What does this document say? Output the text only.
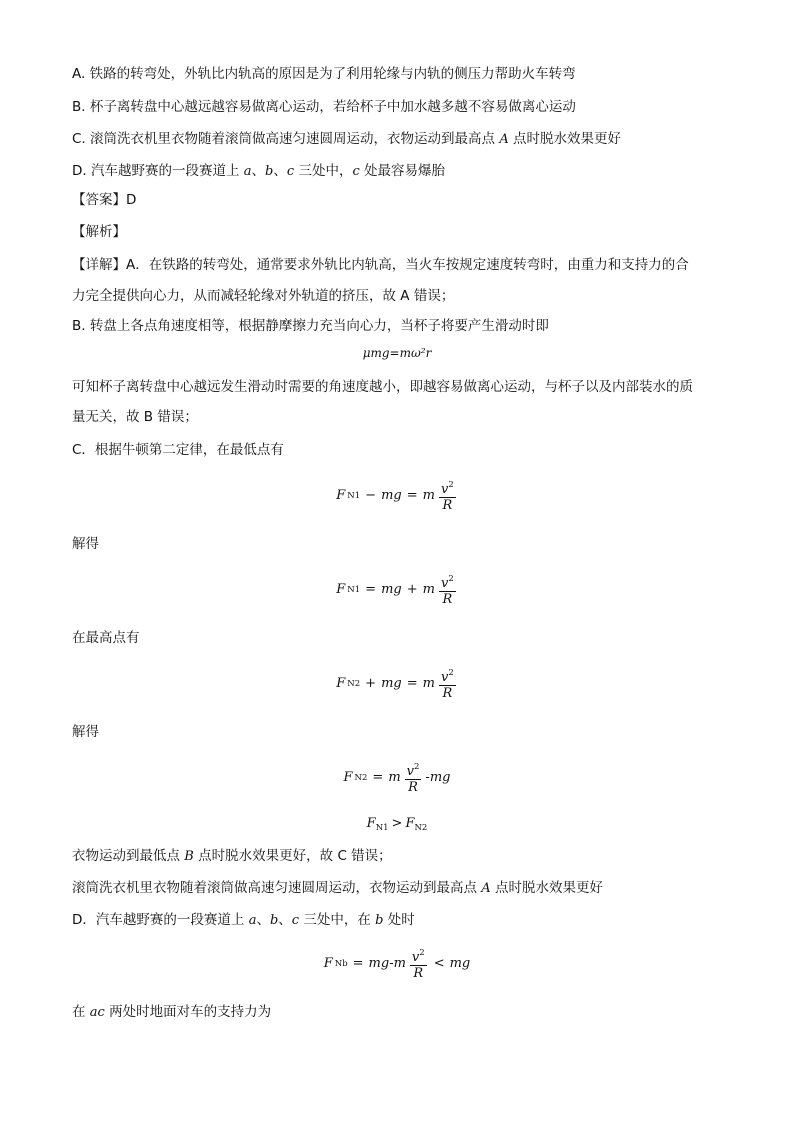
A. 铁路的转弯处，外轨比内轨高的原因是为了利用轮缘与内轨的侧压力帮助火车转弯
B. 杯子离转盘中心越远越容易做离心运动，若给杯子中加水越多越不容易做离心运动
C. 滚筒洗衣机里衣物随着滚筒做高速匀速圆周运动，衣物运动到最高点 A 点时脱水效果更好
D. 汽车越野赛的一段赛道上 a、b、c 三处中，c 处最容易爆胎
【答案】D
【解析】
【详解】A．在铁路的转弯处，通常要求外轨比内轨高，当火车按规定速度转弯时，由重力和支持力的合
力完全提供向心力，从而减轻轮缘对外轨道的挤压，故 A 错误；
B. 转盘上各点角速度相等，根据静摩擦力充当向心力，当杯子将要产生滑动时即
μmg=mω²r
可知杯子离转盘中心越远发生滑动时需要的角速度越小，即越容易做离心运动，与杯子以及内部装水的质
量无关，故 B 错误；
C．根据牛顿第二定律，在最低点有
F N1 − mg = m $\frac{v^2}{R}$
解得
F N1 = mg + m $\frac{v^2}{R}$
在最高点有
F N2 + mg = m $\frac{v^2}{R}$
解得
F N2 = m $\frac{v^2}{R} -mg$
$F_{N1} > F_{N2}$
衣物运动到最低点 B 点时脱水效果更好，故 C 错误；
滚筒洗衣机里衣物随着滚筒做高速匀速圆周运动，衣物运动到最高点 A 点时脱水效果更好
D．汽车越野赛的一段赛道上 a、b、c 三处中，在 b 处时
F $Nb = mg-m \frac{v^2}{R}$ < mg
在 ac 两处时地面对车的支持力为
